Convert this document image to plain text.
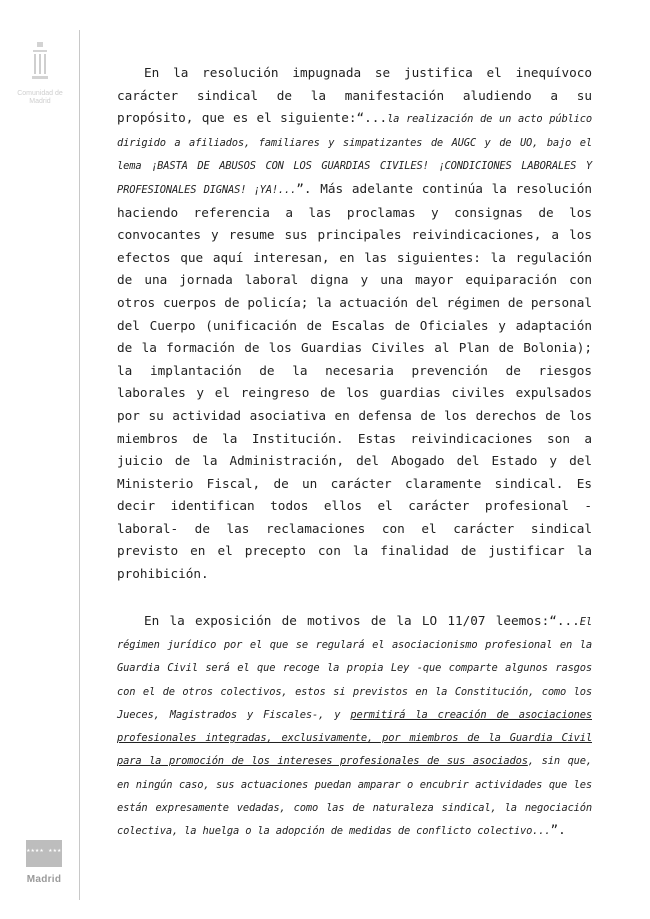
Comunidad de Madrid
★★★★ ★★★
Madrid

En la resolución impugnada se justifica el inequívoco carácter sindical de la manifestación aludiendo a su propósito, que es el siguiente:“...la realización de un acto público dirigido a afiliados, familiares y simpatizantes de AUGC y de UO, bajo el lema ¡BASTA DE ABUSOS CON LOS GUARDIAS CIVILES! ¡CONDICIONES LABORALES Y PROFESIONALES DIGNAS! ¡YA!...”. Más adelante continúa la resolución haciendo referencia a las proclamas y consignas de los convocantes y resume sus principales reivindicaciones, a los efectos que aquí interesan, en las siguientes: la regulación de una jornada laboral digna y una mayor equiparación con otros cuerpos de policía; la actuación del régimen de personal del Cuerpo (unificación de Escalas de Oficiales y adaptación de la formación de los Guardias Civiles al Plan de Bolonia); la implantación de la necesaria prevención de riesgos laborales y el reingreso de los guardias civiles expulsados por su actividad asociativa en defensa de los derechos de los miembros de la Institución. Estas reivindicaciones son a juicio de la Administración, del Abogado del Estado y del Ministerio Fiscal, de un carácter claramente sindical. Es decir identifican todos ellos el carácter profesional - laboral- de las reclamaciones con el carácter sindical previsto en el precepto con la finalidad de justificar la prohibición.

En la exposición de motivos de la LO 11/07 leemos:“...El régimen jurídico por el que se regulará el asociacionismo profesional en la Guardia Civil será el que recoge la propia Ley -que comparte algunos rasgos con el de otros colectivos, estos si previstos en la Constitución, como los Jueces, Magistrados y Fiscales-, y permitirá la creación de asociaciones profesionales integradas, exclusivamente, por miembros de la Guardia Civil para la promoción de los intereses profesionales de sus asociados, sin que, en ningún caso, sus actuaciones puedan amparar o encubrir actividades que les están expresamente vedadas, como las de naturaleza sindical, la negociación colectiva, la huelga o la adopción de medidas de conflicto colectivo...”.
